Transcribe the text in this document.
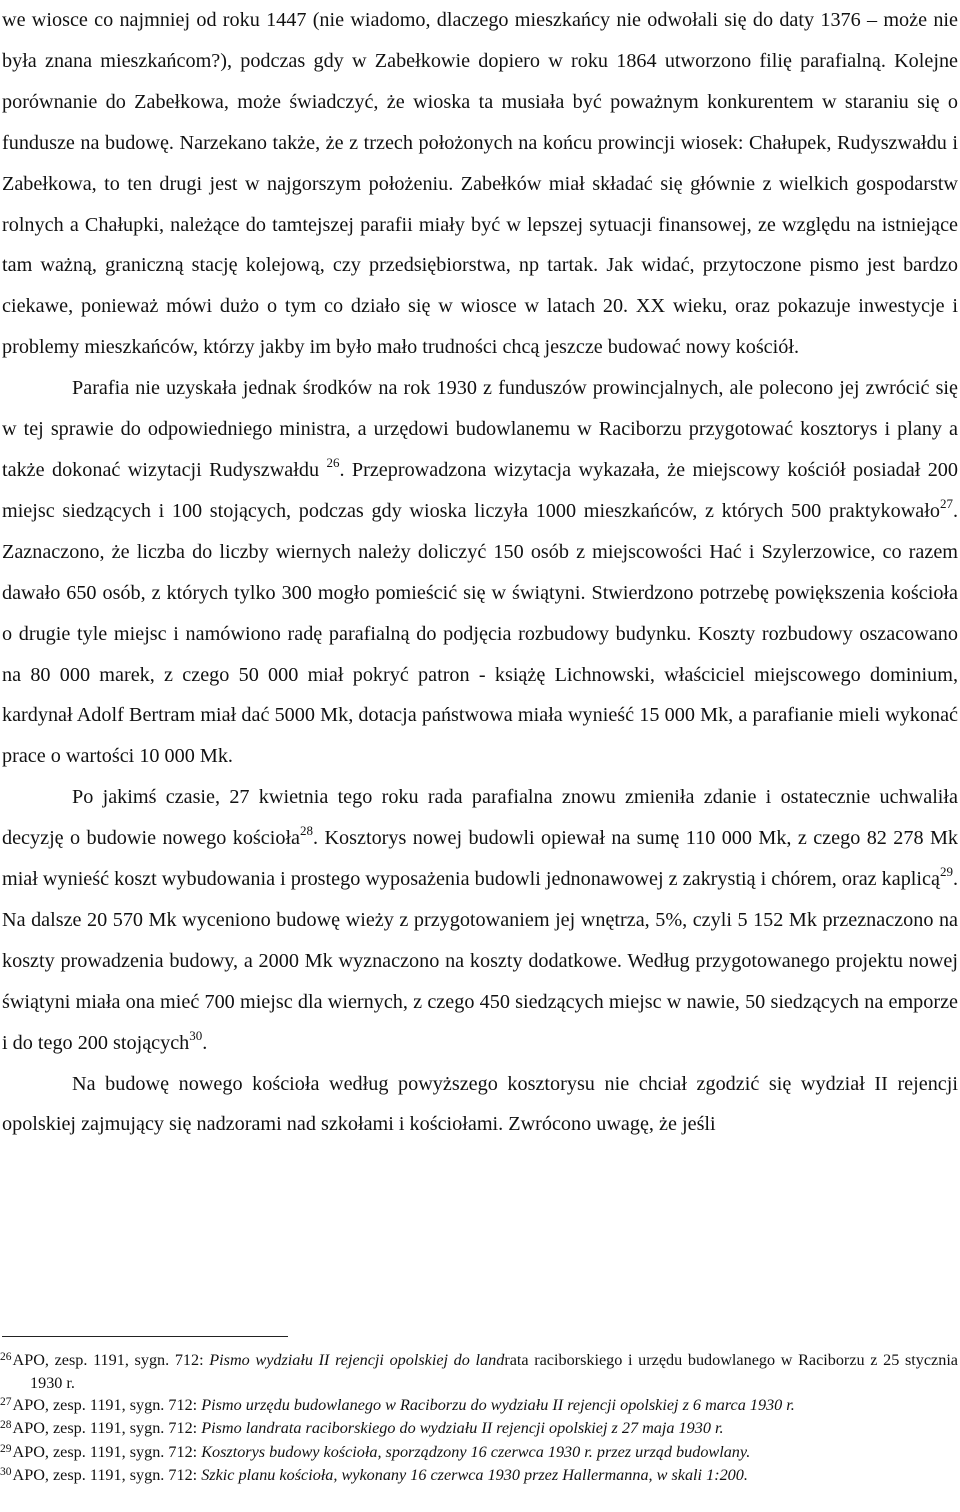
we wiosce co najmniej od roku 1447 (nie wiadomo, dlaczego mieszkańcy nie odwołali się do daty 1376 – może nie była znana mieszkańcom?), podczas gdy w Zabełkowie dopiero w roku 1864 utworzono filię parafialną. Kolejne porównanie do Zabełkowa, może świadczyć, że wioska ta musiała być poważnym konkurentem w staraniu się o fundusze na budowę. Narzekano także, że z trzech położonych na końcu prowincji wiosek: Chałupek, Rudyszwałdu i Zabełkowa, to ten drugi jest w najgorszym położeniu. Zabełków miał składać się głównie z wielkich gospodarstw rolnych a Chałupki, należące do tamtejszej parafii miały być w lepszej sytuacji finansowej, ze względu na istniejące tam ważną, graniczną stację kolejową, czy przedsiębiorstwa, np tartak. Jak widać, przytoczone pismo jest bardzo ciekawe, ponieważ mówi dużo o tym co działo się w wiosce w latach 20. XX wieku, oraz pokazuje inwestycje i problemy mieszkańców, którzy jakby im było mało trudności chcą jeszcze budować nowy kościół.

Parafia nie uzyskała jednak środków na rok 1930 z funduszów prowincjalnych, ale polecono jej zwrócić się w tej sprawie do odpowiedniego ministra, a urzędowi budowlanemu w Raciborzu przygotować kosztorys i plany a także dokonać wizytacji Rudyszwałdu $^{26}$. Przeprowadzona wizytacja wykazała, że miejscowy kościół posiadał 200 miejsc siedzących i 100 stojących, podczas gdy wioska liczyła 1000 mieszkańców, z których 500 praktykowało$^{27}$. Zaznaczono, że liczba do liczby wiernych należy doliczyć 150 osób z miejscowości Hać i Szylerzowice, co razem dawało 650 osób, z których tylko 300 mogło pomieścić się w świątyni. Stwierdzono potrzebę powiększenia kościoła o drugie tyle miejsc i namówiono radę parafialną do podjęcia rozbudowy budynku. Koszty rozbudowy oszacowano na 80 000 marek, z czego 50 000 miał pokryć patron - książę Lichnowski, właściciel miejscowego dominium, kardynał Adolf Bertram miał dać 5000 Mk, dotacja państwowa miała wynieść 15 000 Mk, a parafianie mieli wykonać prace o wartości 10 000 Mk.

Po jakimś czasie, 27 kwietnia tego roku rada parafialna znowu zmieniła zdanie i ostatecznie uchwaliła decyzję o budowie nowego kościoła$^{28}$. Kosztorys nowej budowli opiewał na sumę 110 000 Mk, z czego 82 278 Mk miał wynieść koszt wybudowania i prostego wyposażenia budowli jednonawowej z zakrystią i chórem, oraz kaplicą$^{29}$. Na dalsze 20 570 Mk wyceniono budowę wieży z przygotowaniem jej wnętrza, 5%, czyli 5 152 Mk przeznaczono na koszty prowadzenia budowy, a 2000 Mk wyznaczono na koszty dodatkowe. Według przygotowanego projektu nowej świątyni miała ona mieć 700 miejsc dla wiernych, z czego 450 siedzących miejsc w nawie, 50 siedzących na emporze i do tego 200 stojących$^{30}$.

Na budowę nowego kościoła według powyższego kosztorysu nie chciał zgodzić się wydział II rejencji opolskiej zajmujący się nadzorami nad szkołami i kościołami. Zwrócono uwagę, że jeśli

26APO, zesp. 1191, sygn. 712: Pismo wydziału II rejencji opolskiej do landrata raciborskiego i urzędu budowlanego w Raciborzu z 25 stycznia 1930 r.
27APO, zesp. 1191, sygn. 712: Pismo urzędu budowlanego w Raciborzu do wydziału II rejencji opolskiej z 6 marca 1930 r.
28APO, zesp. 1191, sygn. 712: Pismo landrata raciborskiego do wydziału II rejencji opolskiej z 27 maja 1930 r.
29APO, zesp. 1191, sygn. 712: Kosztorys budowy kościoła, sporządzony 16 czerwca 1930 r. przez urząd budowlany.
30APO, zesp. 1191, sygn. 712: Szkic planu kościoła, wykonany 16 czerwca 1930 przez Hallermanna, w skali 1:200.
